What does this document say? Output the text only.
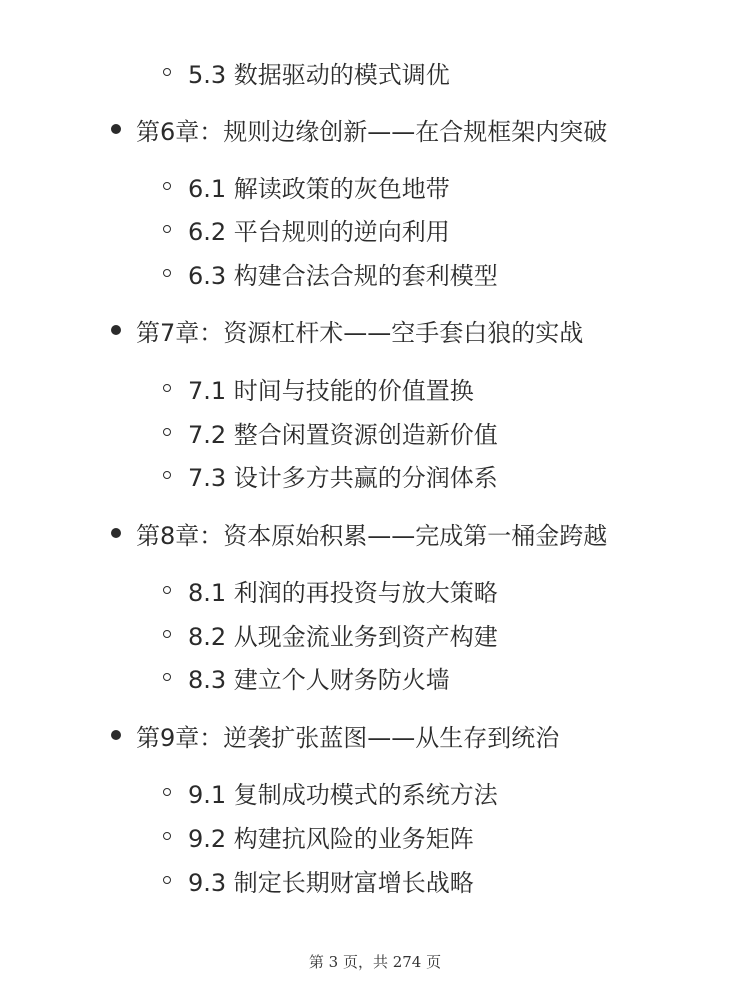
5.3 数据驱动的模式调优
第6章：规则边缘创新——在合规框架内突破
6.1 解读政策的灰色地带
6.2 平台规则的逆向利用
6.3 构建合法合规的套利模型
第7章：资源杠杆术——空手套白狼的实战
7.1 时间与技能的价值置换
7.2 整合闲置资源创造新价值
7.3 设计多方共赢的分润体系
第8章：资本原始积累——完成第一桶金跨越
8.1 利润的再投资与放大策略
8.2 从现金流业务到资产构建
8.3 建立个人财务防火墙
第9章：逆袭扩张蓝图——从生存到统治
9.1 复制成功模式的系统方法
9.2 构建抗风险的业务矩阵
9.3 制定长期财富增长战略
第 3 页，共 274 页
